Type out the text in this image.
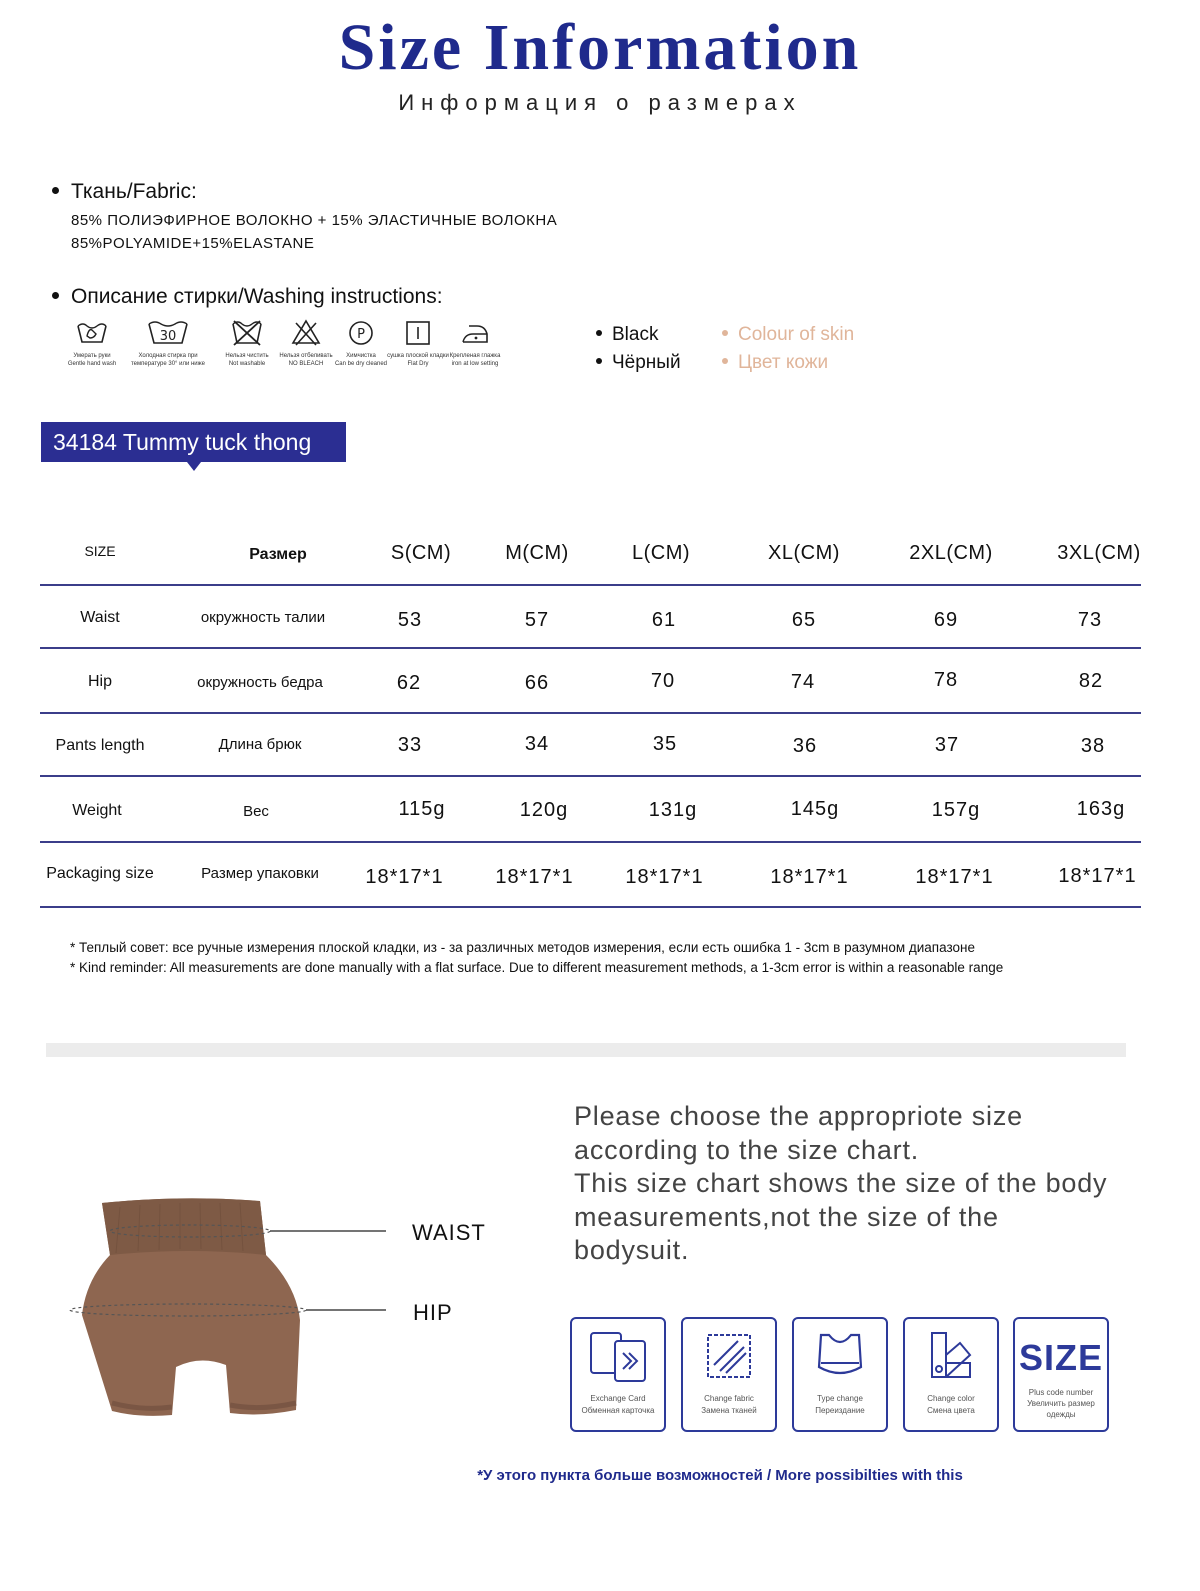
Size Information
Информация о размерах
Ткань/Fabric:
85% ПОЛИЭФИРНОЕ ВОЛОКНО + 15% ЭЛАСТИЧНЫЕ ВОЛОКНА
85%POLYAMIDE+15%ELASTANE
Описание стирки/Washing instructions:
Умерать руки
Gentle hand wash
30
Холодная стирка при
температуре 30° или ниже
Нельзя чистить
Not washable
Нельзя отбеливать
NO BLEACH
P
Химчистка
Can be dry cleaned
сушка плоской кладки
Flat Dry
Крепленая глажка
iron at low setting
Black
Чёрный
Colour of skin
Цвет кожи
34184 Tummy tuck thong
SIZE	Размер	S(CM)	M(CM)	L(CM)	XL(CM)	2XL(CM)	3XL(CM)
Waist	окружность талии	53	57	61	65	69	73
Hip	окружность бедра	62	66	70	74	78	82
Pants length	Длина брюк	33	34	35	36	37	38
Weight	Вес	115g	120g	131g	145g	157g	163g
Packaging size	Размер упаковки	18*17*1	18*17*1	18*17*1	18*17*1	18*17*1	18*17*1
* Теплый совет: все ручные измерения плоской кладки, из - за различных методов измерения, если есть ошибка 1 - 3cm в разумном диапазоне
* Kind reminder: All measurements are done manually with a flat surface. Due to different measurement methods, a 1-3cm error is within a reasonable range
WAIST
HIP
Please choose the appropriote size
according to the size chart.
This size chart shows the size of the body
measurements,not the size of the
bodysuit.
Exchange Card
Обменная карточка
Change fabric
Замена тканей
Type change
Переиздание
Change color
Смена цвета
SIZE
Plus code number
Увеличить размер
одежды
*У этого пункта больше возможностей / More possibilties with this
